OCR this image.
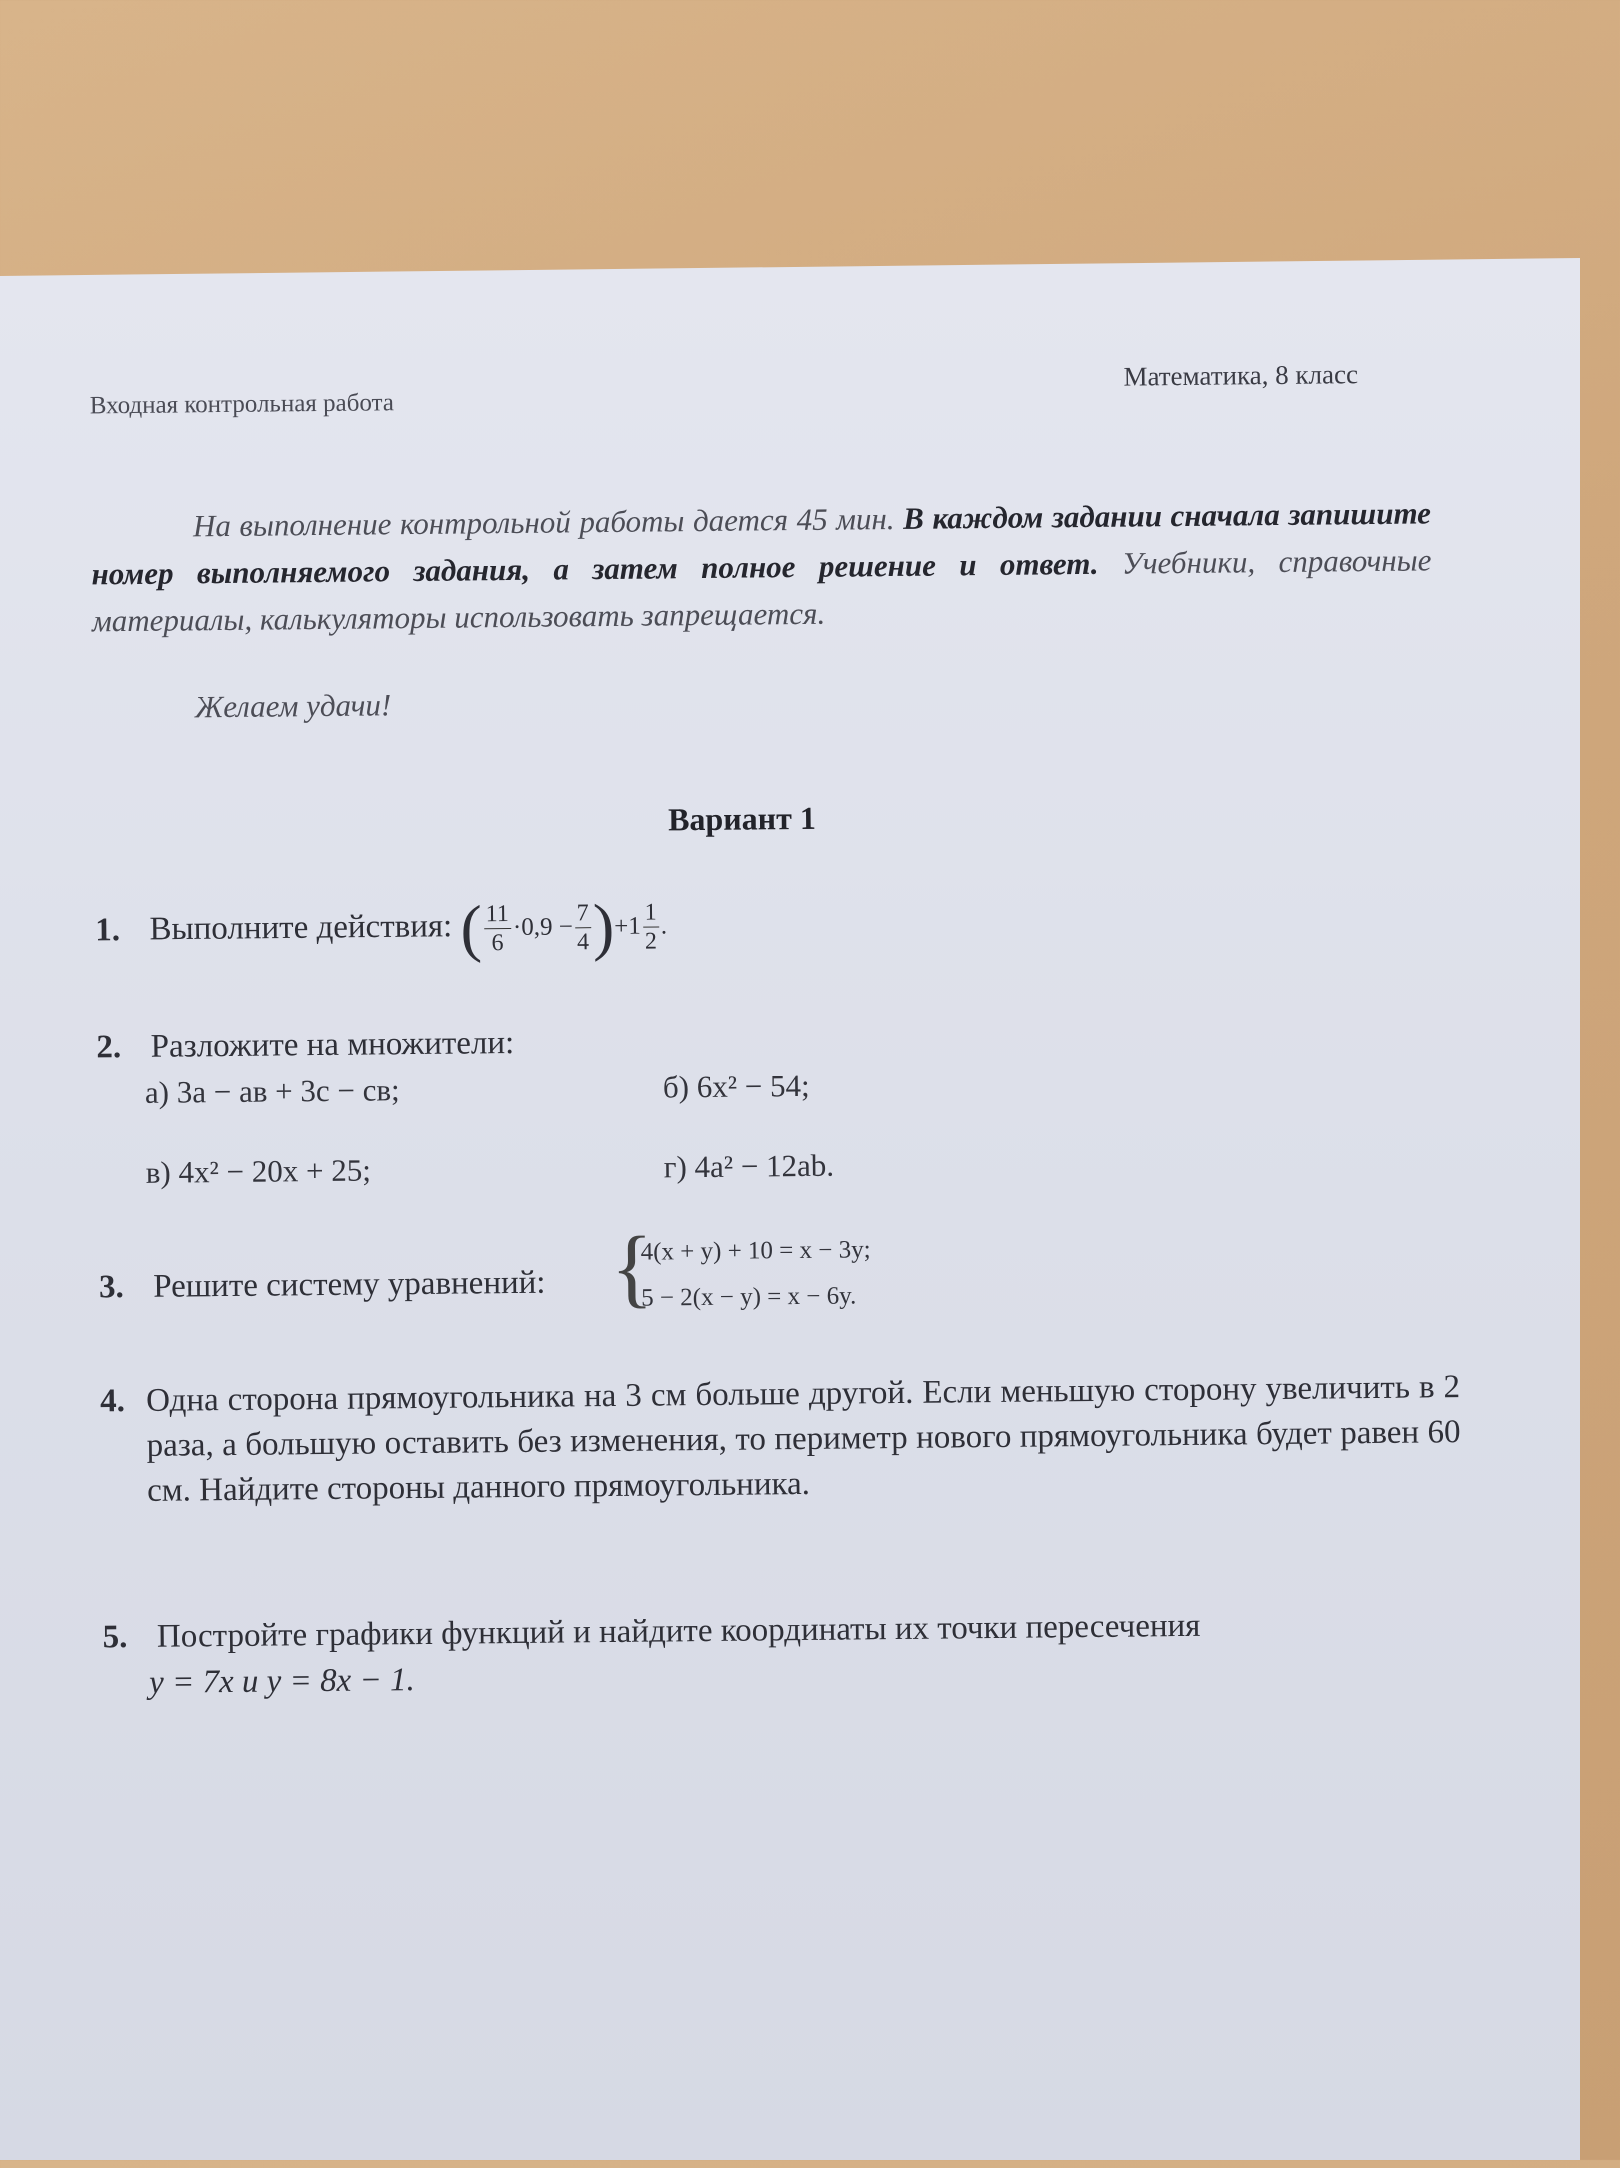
Входная контрольная работа
Математика, 8 класс
На выполнение контрольной работы дается 45 мин. В каждом задании сначала запишите номер выполняемого задания, а затем полное решение и ответ. Учебники, справочные материалы, калькуляторы использовать запрещается.
Желаем удачи!
Вариант 1
1. Выполните действия: ( $\frac{11}{6} \cdot 0,9 - \frac{7}{4} )+1 \frac{1}{2}$ .
2. Разложите на множители:
а) 3а − ав + 3с − св;	б) 6x² − 54;
в) 4x² − 20x + 25;	г) 4a² − 12ab.
3. Решите систему уравнений: {
4(x + y) + 10 = x − 3y;
5 − 2(x − y) = x − 6y.
4. Одна сторона прямоугольника на 3 см больше другой. Если меньшую сторону увеличить в 2 раза, а большую оставить без изменения, то периметр нового прямоугольника будет равен 60 см. Найдите стороны данного прямоугольника.
5. Постройте графики функций и найдите координаты их точки пересечения
y = 7x и y = 8x − 1.
